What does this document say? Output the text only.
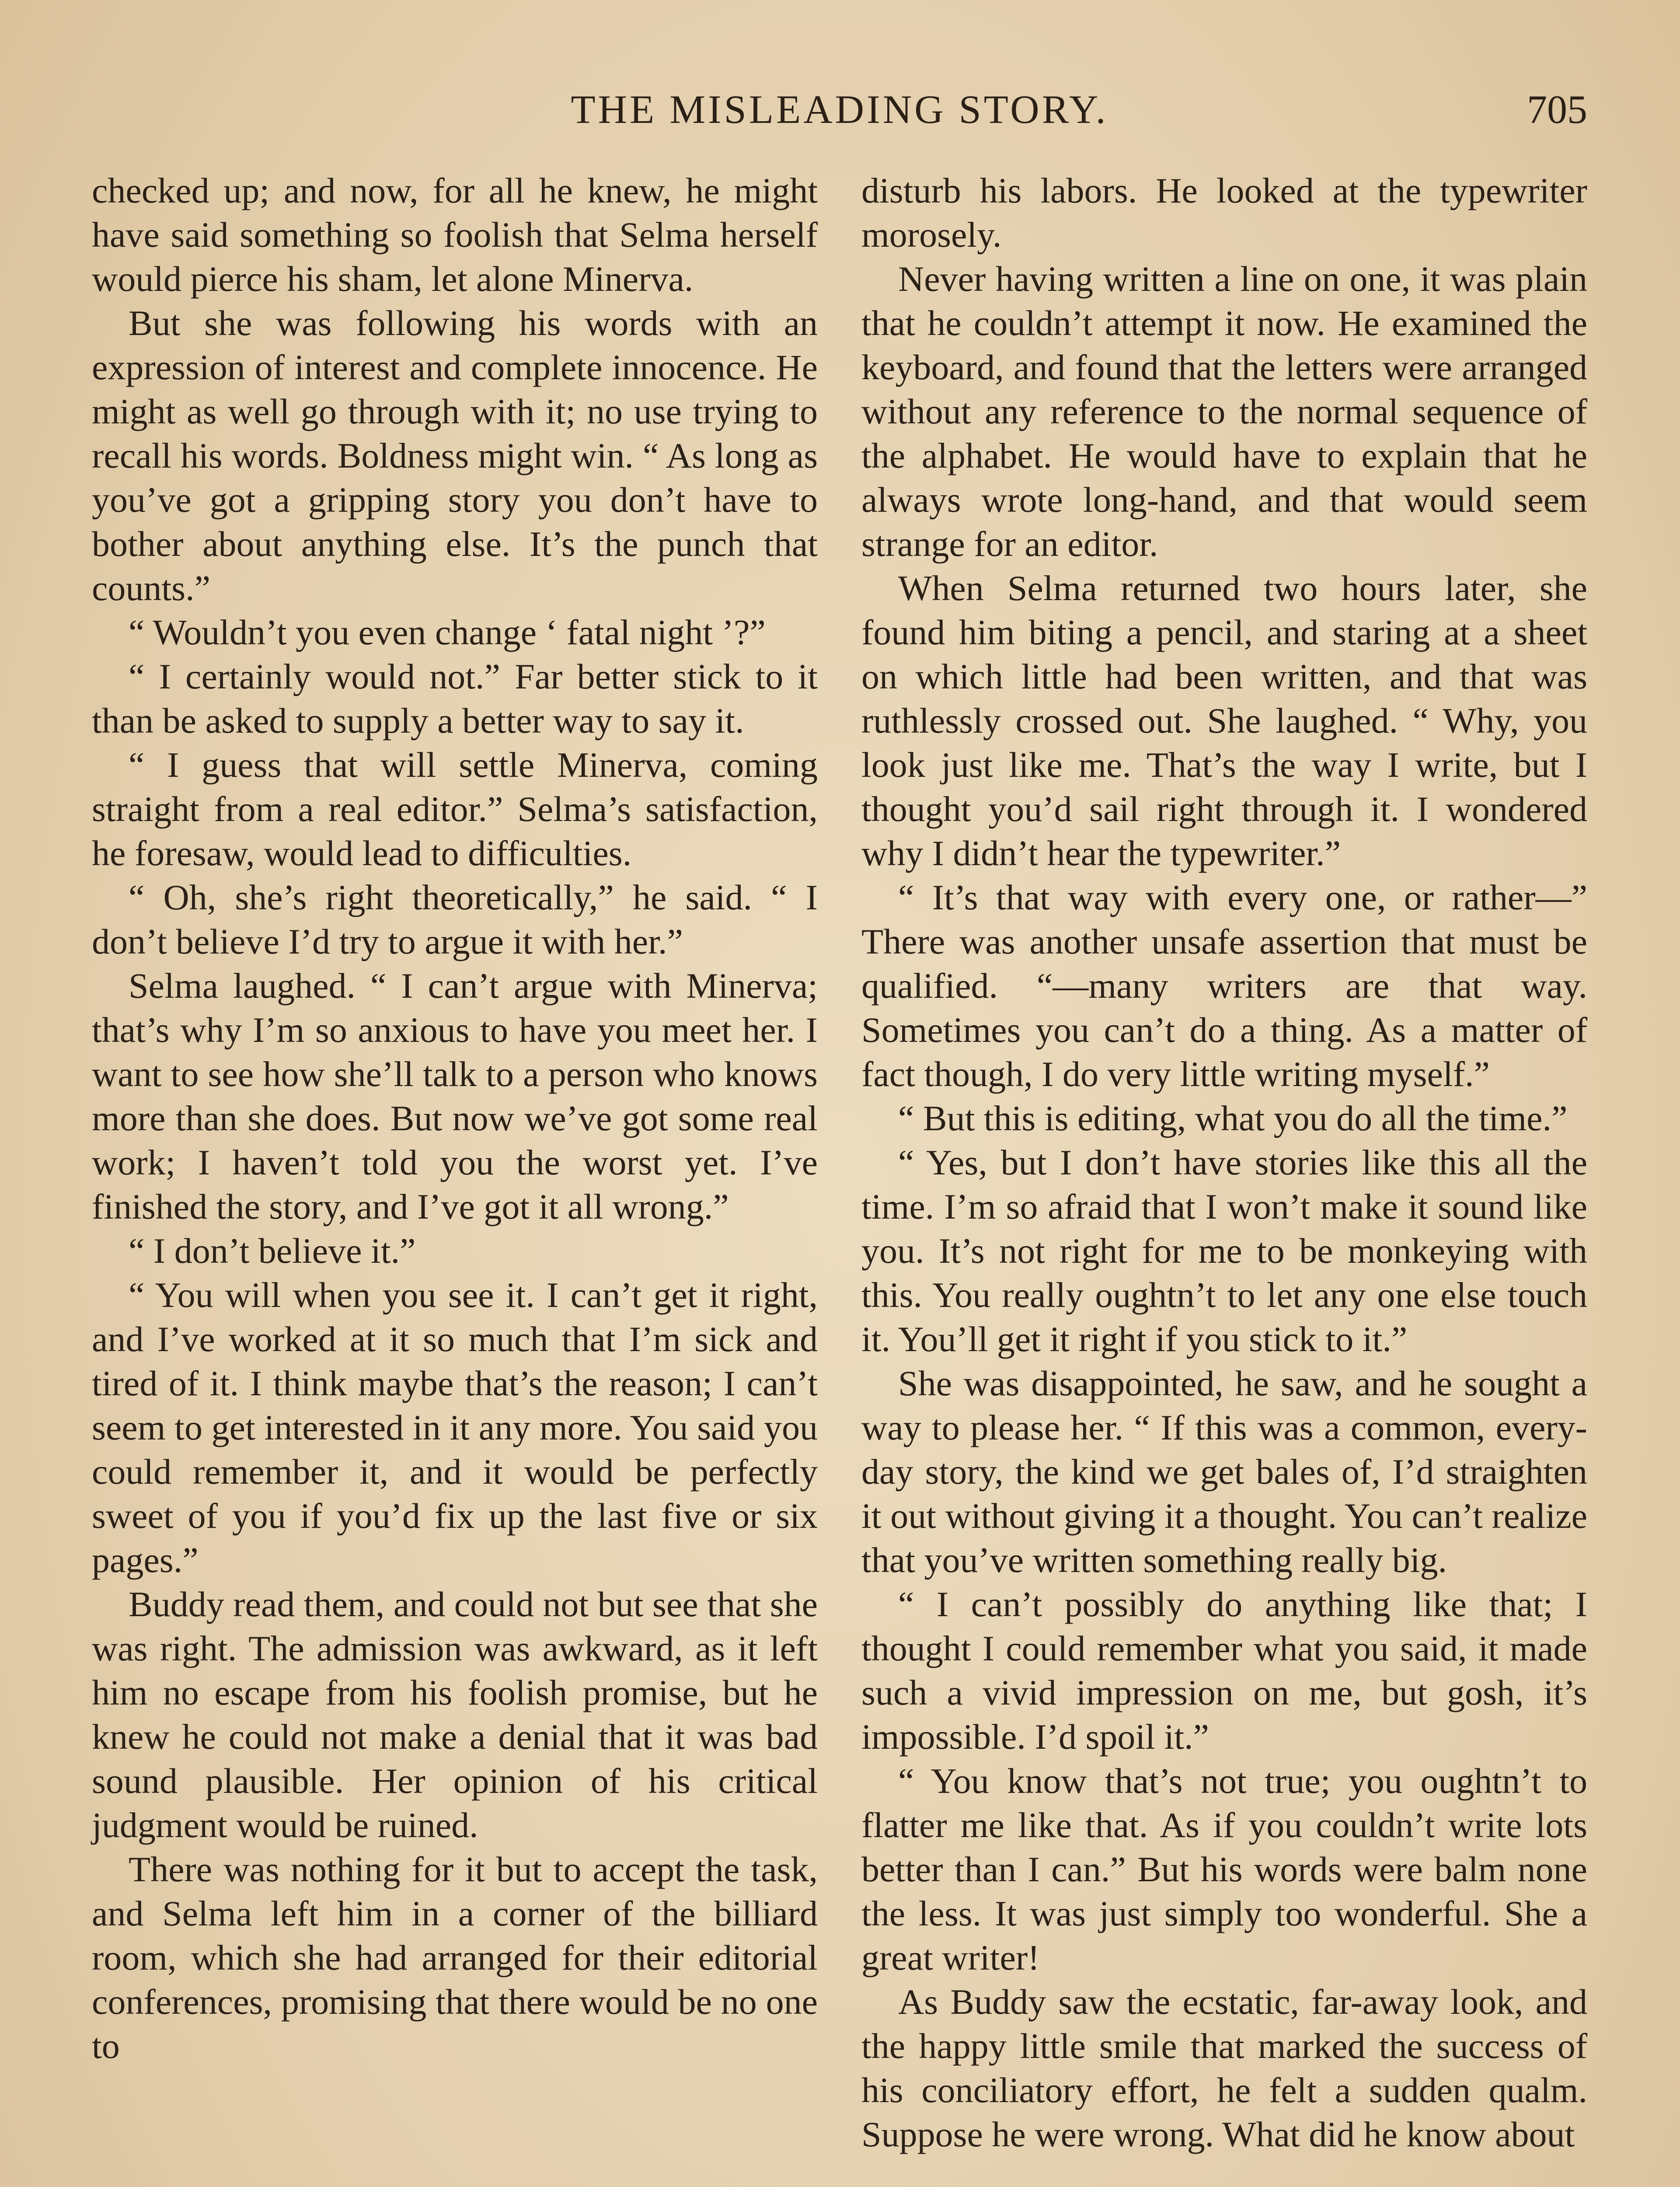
THE MISLEADING STORY.	705

checked up; and now, for all he knew, he might have said something so foolish that Selma herself would pierce his sham, let alone Minerva.

But she was following his words with an expression of interest and complete innocence. He might as well go through with it; no use trying to recall his words. Boldness might win. “ As long as you’ve got a gripping story you don’t have to bother about anything else. It’s the punch that counts.”

“ Wouldn’t you even change ‘ fatal night ’?”

“ I certainly would not.” Far better stick to it than be asked to supply a better way to say it.

“ I guess that will settle Minerva, coming straight from a real editor.” Selma’s satisfaction, he foresaw, would lead to difficulties.

“ Oh, she’s right theoretically,” he said. “ I don’t believe I’d try to argue it with her.”

Selma laughed. “ I can’t argue with Minerva; that’s why I’m so anxious to have you meet her. I want to see how she’ll talk to a person who knows more than she does. But now we’ve got some real work; I haven’t told you the worst yet. I’ve finished the story, and I’ve got it all wrong.”

“ I don’t believe it.”

“ You will when you see it. I can’t get it right, and I’ve worked at it so much that I’m sick and tired of it. I think maybe that’s the reason; I can’t seem to get interested in it any more. You said you could remember it, and it would be perfectly sweet of you if you’d fix up the last five or six pages.”

Buddy read them, and could not but see that she was right. The admission was awkward, as it left him no escape from his foolish promise, but he knew he could not make a denial that it was bad sound plausible. Her opinion of his critical judgment would be ruined.

There was nothing for it but to accept the task, and Selma left him in a corner of the billiard room, which she had arranged for their editorial conferences, promising that there would be no one to

disturb his labors. He looked at the typewriter morosely.

Never having written a line on one, it was plain that he couldn’t attempt it now. He examined the keyboard, and found that the letters were arranged without any reference to the normal sequence of the alphabet. He would have to explain that he always wrote long-hand, and that would seem strange for an editor.

When Selma returned two hours later, she found him biting a pencil, and staring at a sheet on which little had been written, and that was ruthlessly crossed out. She laughed. “ Why, you look just like me. That’s the way I write, but I thought you’d sail right through it. I wondered why I didn’t hear the typewriter.”

“ It’s that way with every one, or rather—” There was another unsafe assertion that must be qualified. “—many writers are that way. Sometimes you can’t do a thing. As a matter of fact though, I do very little writing myself.”

“ But this is editing, what you do all the time.”

“ Yes, but I don’t have stories like this all the time. I’m so afraid that I won’t make it sound like you. It’s not right for me to be monkeying with this. You really oughtn’t to let any one else touch it. You’ll get it right if you stick to it.”

She was disappointed, he saw, and he sought a way to please her. “ If this was a common, every-day story, the kind we get bales of, I’d straighten it out without giving it a thought. You can’t realize that you’ve written something really big.

“ I can’t possibly do anything like that; I thought I could remember what you said, it made such a vivid impression on me, but gosh, it’s impossible. I’d spoil it.”

“ You know that’s not true; you oughtn’t to flatter me like that. As if you couldn’t write lots better than I can.” But his words were balm none the less. It was just simply too wonderful. She a great writer!

As Buddy saw the ecstatic, far-away look, and the happy little smile that marked the success of his conciliatory effort, he felt a sudden qualm. Suppose he were wrong. What did he know about
